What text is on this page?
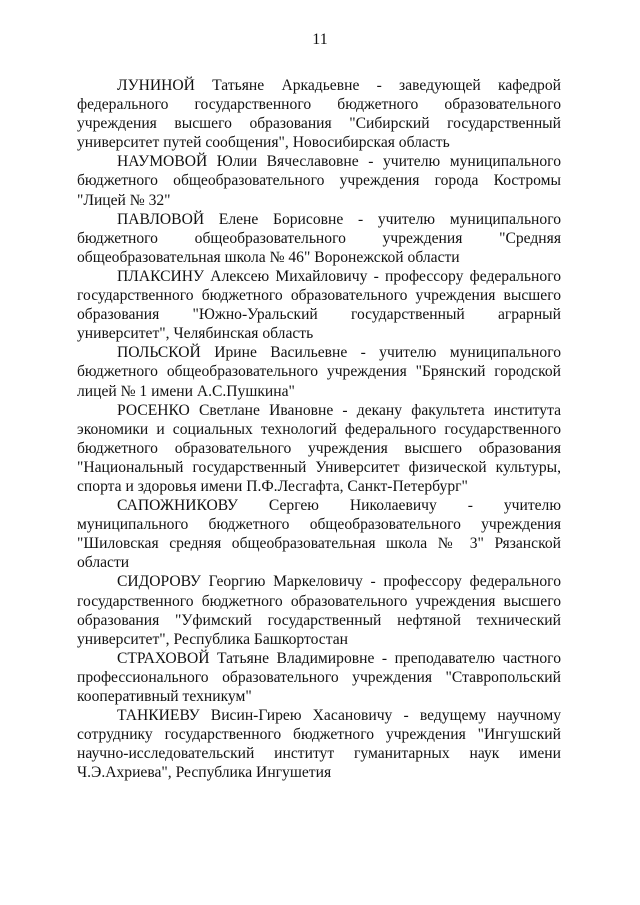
11

ЛУНИНОЙ Татьяне Аркадьевне - заведующей кафедрой федерального государственного бюджетного образовательного учреждения высшего образования "Сибирский государственный университет путей сообщения", Новосибирская область

НАУМОВОЙ Юлии Вячеславовне - учителю муниципального бюджетного общеобразовательного учреждения города Костромы "Лицей № 32"

ПАВЛОВОЙ Елене Борисовне - учителю муниципального бюджетного общеобразовательного учреждения "Средняя общеобразовательная школа № 46" Воронежской области

ПЛАКСИНУ Алексею Михайловичу - профессору федерального государственного бюджетного образовательного учреждения высшего образования "Южно-Уральский государственный аграрный университет", Челябинская область

ПОЛЬСКОЙ Ирине Васильевне - учителю муниципального бюджетного общеобразовательного учреждения "Брянский городской лицей № 1 имени А.С.Пушкина"

РОСЕНКО Светлане Ивановне - декану факультета института экономики и социальных технологий федерального государственного бюджетного образовательного учреждения высшего образования "Национальный государственный Университет физической культуры, спорта и здоровья имени П.Ф.Лесгафта, Санкт-Петербург"

САПОЖНИКОВУ Сергею Николаевичу - учителю муниципального бюджетного общеобразовательного учреждения "Шиловская средняя общеобразовательная школа № 3" Рязанской области

СИДОРОВУ Георгию Маркеловичу - профессору федерального государственного бюджетного образовательного учреждения высшего образования "Уфимский государственный нефтяной технический университет", Республика Башкортостан

СТРАХОВОЙ Татьяне Владимировне - преподавателю частного профессионального образовательного учреждения "Ставропольский кооперативный техникум"

ТАНКИЕВУ Висин-Гирею Хасановичу - ведущему научному сотруднику государственного бюджетного учреждения "Ингушский научно-исследовательский институт гуманитарных наук имени Ч.Э.Ахриева", Республика Ингушетия
